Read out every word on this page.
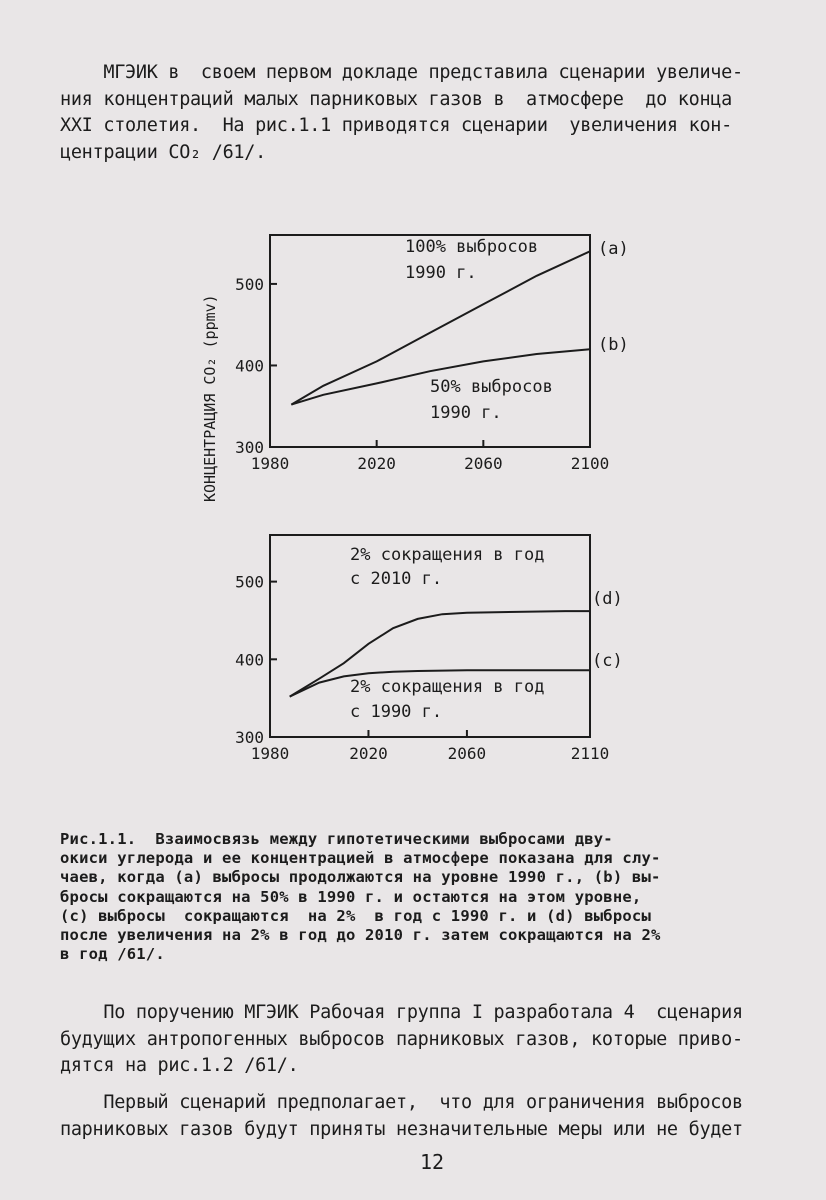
МГЭИК в  своем первом докладе представила сценарии увеличе-
ния концентраций малых парниковых газов в  атмосфере  до конца
XXI столетия.  На рис.1.1 приводятся сценарии  увеличения кон-
центрации CO₂ /61/.
КОНЦЕНТРАЦИЯ CO₂ (ppmv) 1980	2020	2060	2100
300
400
500
100% выбросов
1990 г.
(a)
(b)
50% выбросов
1990 г.
1980	2020	2060	2110
300
400
500
2% сокращения в год
с 2010 г.
(d)
(c)
2% сокращения в год
с 1990 г.
Рис.1.1.  Взаимосвязь между гипотетическими выбросами дву-
окиси углерода и ее концентрацией в атмосфере показана для слу-
чаев, когда (а) выбросы продолжаются на уровне 1990 г., (b) вы-
бросы сокращаются на 50% в 1990 г. и остаются на этом уровне,
(с) выбросы  сокращаются  на 2%  в год с 1990 г. и (d) выбросы
после увеличения на 2% в год до 2010 г. затем сокращаются на 2%
в год /61/.
По поручению МГЭИК Рабочая группа I разработала 4  сценария
будущих антропогенных выбросов парниковых газов, которые приво-
дятся на рис.1.2 /61/.
Первый сценарий предполагает,  что для ограничения выбросов
парниковых газов будут приняты незначительные меры или не будет
12
